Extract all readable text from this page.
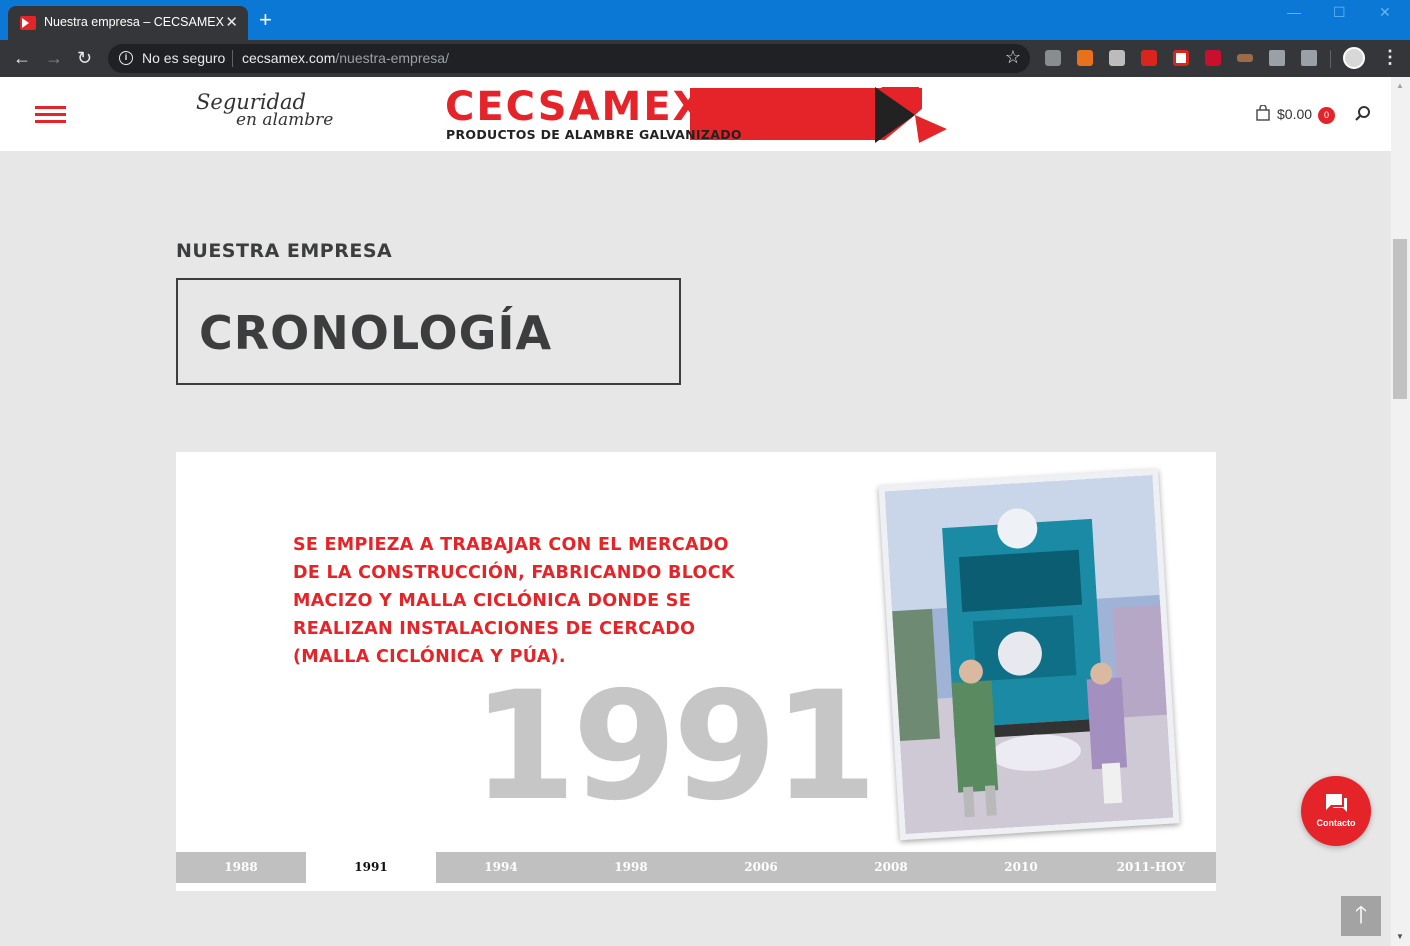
Nuestra empresa – CECSAMEX ✕ +	— ☐ ✕
← → ↻	i	No es seguro cecsamex.com/nuestra-empresa/	☆	⋮
Seguridad
en alambre	CECSAMEX
PRODUCTOS DE ALAMBRE GALVANIZADO
$0.00	0
NUESTRA EMPRESA
CRONOLOGÍA

SE EMPIEZA A TRABAJAR CON EL MERCADO DE LA CONSTRUCCIÓN, FABRICANDO BLOCK MACIZO Y MALLA CICLÓNICA DONDE SE REALIZAN INSTALACIONES DE CERCADO (MALLA CICLÓNICA Y PÚA).

1991
1988	1991	1994	1998	2006	2008	2010	2011-HOY
Contacto
🡑
▲
▼
